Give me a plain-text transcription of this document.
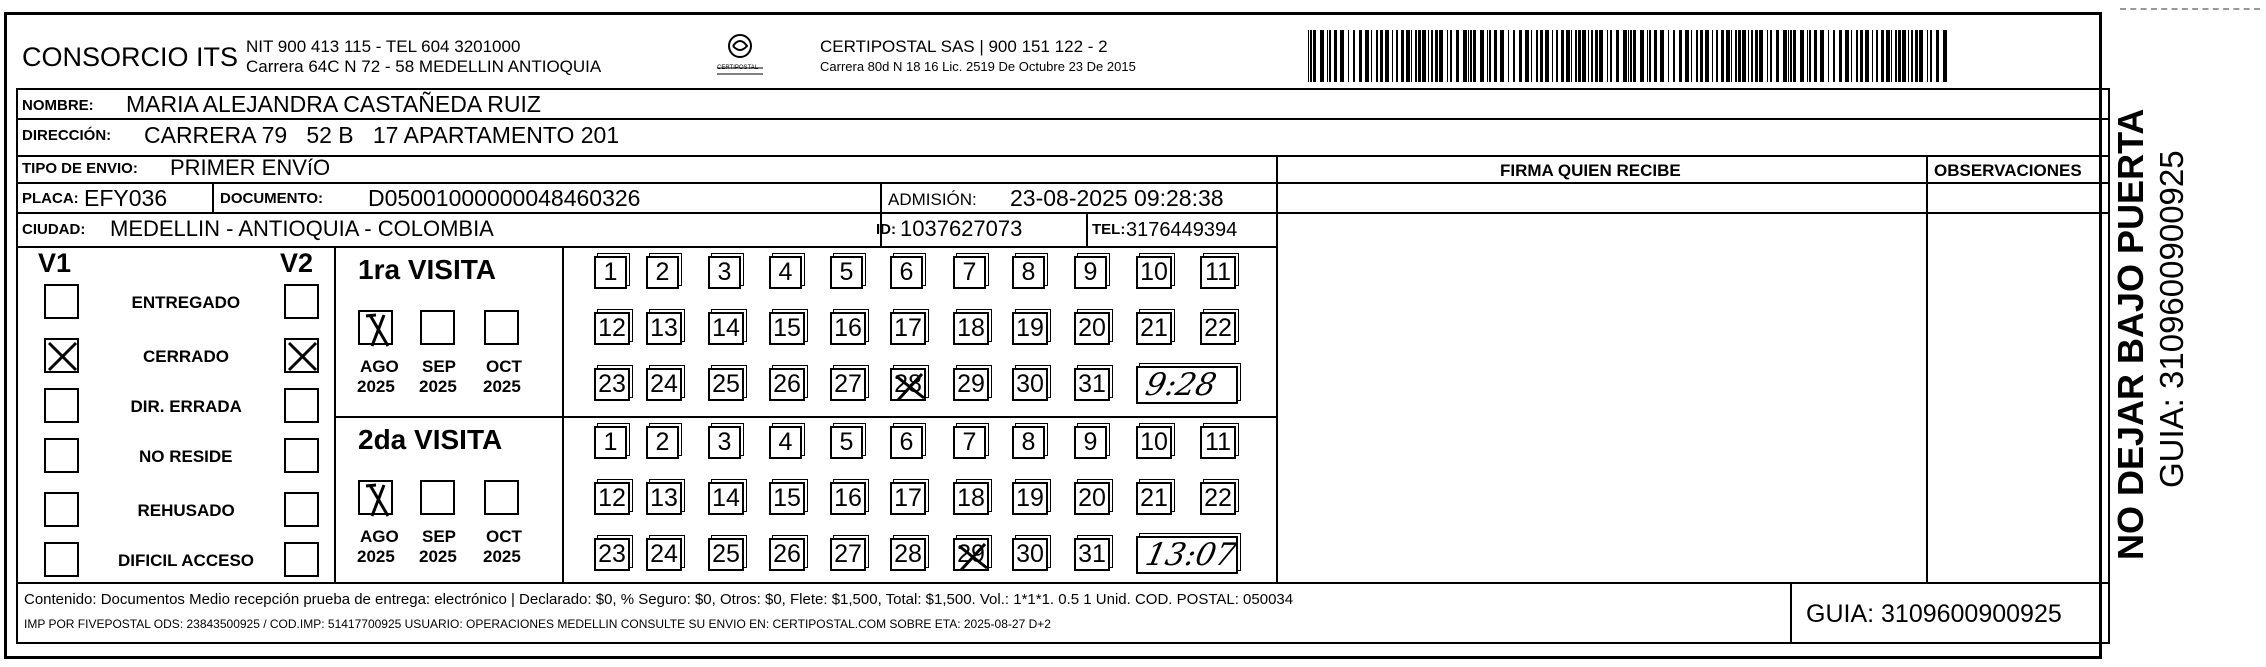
CONSORCIO ITS NIT 900 413 115 - TEL 604 3201000
Carrera 64C N 72 - 58 MEDELLIN ANTIOQUIA	CERTIPOSTAL
CERTIPOSTAL SAS | 900 151 122 - 2
Carrera 80d N 18 16 Lic. 2519 De Octubre 23 De 2015
NOMBRE: MARIA ALEJANDRA CASTAÑEDA RUIZ
DIRECCIÓN: CARRERA 79   52 B   17 APARTAMENTO 201
TIPO DE ENVIO: PRIMER ENVíO	FIRMA QUIEN RECIBE	OBSERVACIONES
PLACA: EFY036	DOCUMENTO: D05001000000048460326	ADMISIÓN: 23-08-2025 09:28:38
CIUDAD: MEDELLIN - ANTIOQUIA - COLOMBIA	ID: 1037627073	TEL: 3176449394
V1	V2
ENTREGADO
CERRADO
DIR. ERRADA
NO RESIDE
REHUSADO
DIFICIL ACCESO
1ra VISITA
AGO
2025
SEP
2025
OCT
2025
1 2 3 4 5 6 7 8 9 10 11
12 13 14 15 16 17 18 19 20 21 22
23 24 25 26 27 28 29 30 31 9:28
2da VISITA
AGO
2025
SEP
2025
OCT
2025
1 2 3 4 5 6 7 8 9 10 11
12 13 14 15 16 17 18 19 20 21 22
23 24 25 26 27 28 29 30 31 13:07
Contenido: Documentos Medio recepción prueba de entrega: electrónico | Declarado: $0, % Seguro: $0, Otros: $0, Flete: $1,500, Total: $1,500. Vol.: 1*1*1. 0.5 1 Unid. COD. POSTAL: 050034
IMP POR FIVEPOSTAL ODS: 23843500925 / COD.IMP: 51417700925 USUARIO: OPERACIONES MEDELLIN CONSULTE SU ENVIO EN: CERTIPOSTAL.COM SOBRE ETA: 2025-08-27 D+2	GUIA: 3109600900925
NO DEJAR BAJO PUERTA GUIA: 3109600900925
